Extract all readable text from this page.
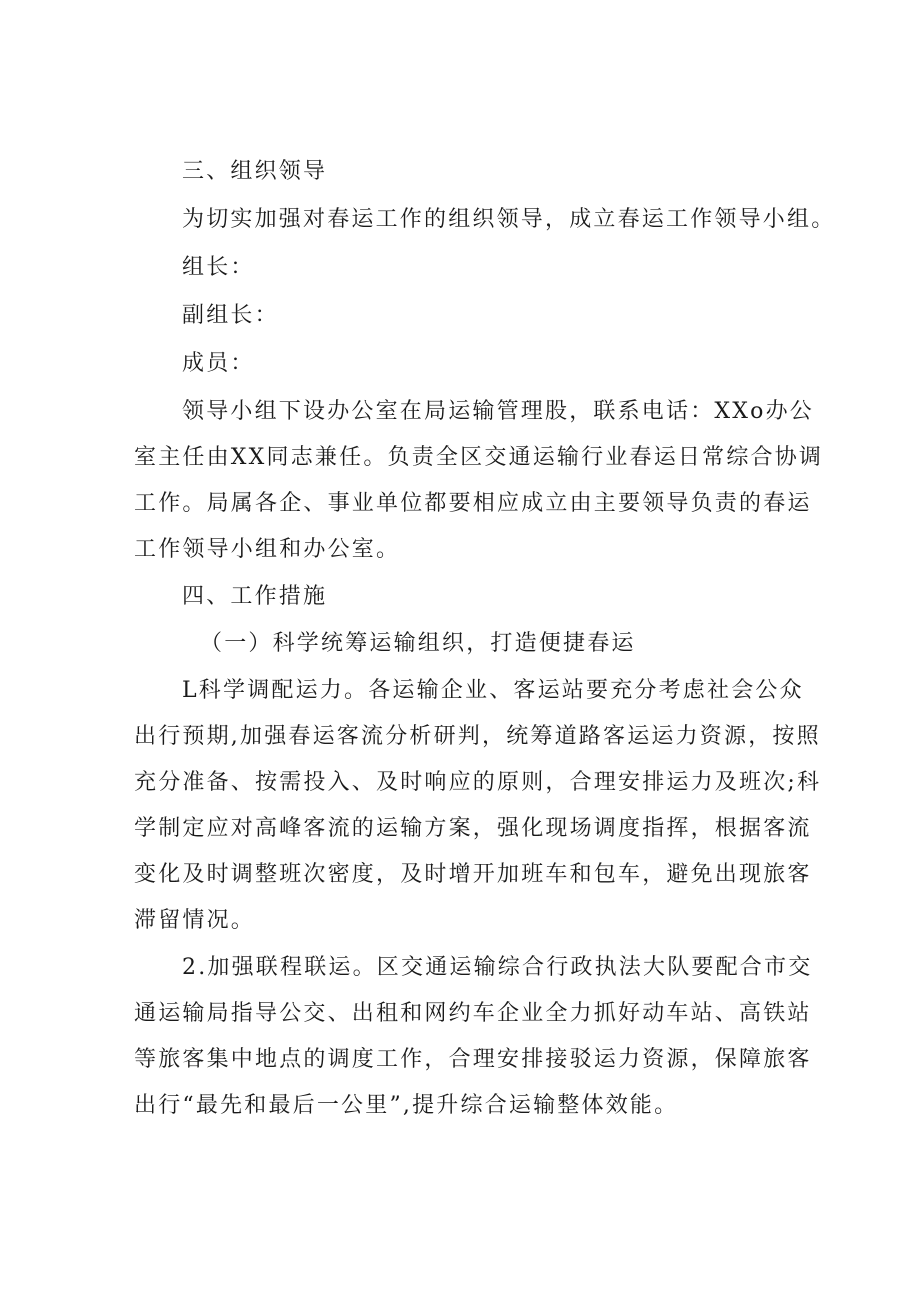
三、组织领导
为切实加强对春运工作的组织领导，成立春运工作领导小组。
组长：
副组长：
成员：
领导小组下设办公室在局运输管理股，联系电话：XXo办公
室主任由XX同志兼任。负责全区交通运输行业春运日常综合协调
工作。局属各企、事业单位都要相应成立由主要领导负责的春运
工作领导小组和办公室。
四、工作措施
（一）科学统筹运输组织，打造便捷春运
L科学调配运力。各运输企业、客运站要充分考虑社会公众
出行预期,加强春运客流分析研判，统筹道路客运运力资源，按照
充分准备、按需投入、及时响应的原则，合理安排运力及班次;科
学制定应对高峰客流的运输方案，强化现场调度指挥，根据客流
变化及时调整班次密度，及时增开加班车和包车，避免出现旅客
滞留情况。
2.加强联程联运。区交通运输综合行政执法大队要配合市交
通运输局指导公交、出租和网约车企业全力抓好动车站、高铁站
等旅客集中地点的调度工作，合理安排接驳运力资源，保障旅客
出行“最先和最后一公里”,提升综合运输整体效能。
